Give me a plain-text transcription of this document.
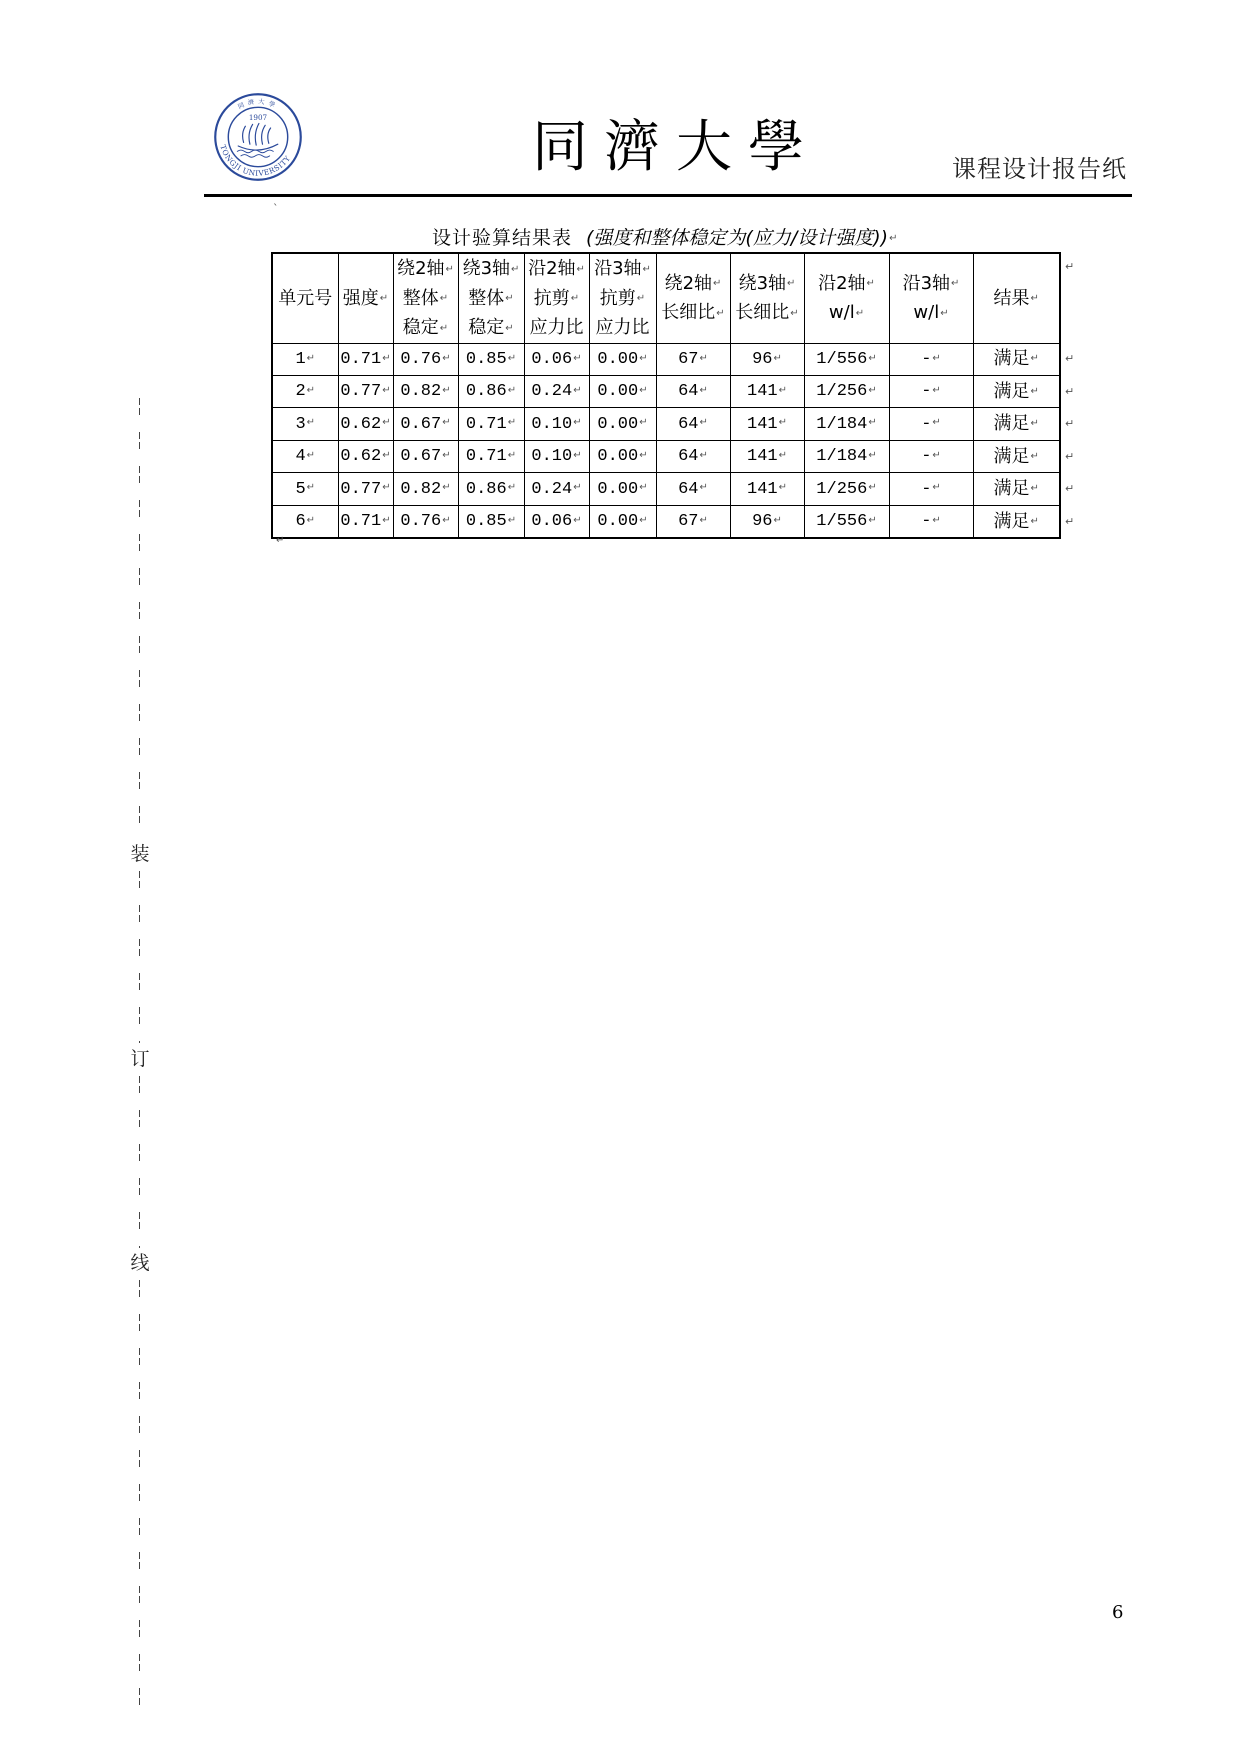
TONGJI UNIVERSITY
同濟大學
1907	同濟大學	课程设计报告纸
ˋ
设计验算结果表 (强度和整体稳定为(应力/设计强度)) ↵
单元号	强度 ↵	绕2轴 ↵
整体 ↵
稳定 ↵	绕3轴 ↵
整体 ↵
稳定 ↵	沿2轴 ↵
抗剪 ↵
应力比	沿3轴 ↵
抗剪 ↵
应力比	绕2轴 ↵
长细比 ↵	绕3轴 ↵
长细比 ↵	沿2轴 ↵
w/l ↵	沿3轴 ↵
w/l ↵	结果 ↵
↵
1 ↵	0.71 ↵	0.76 ↵	0.85 ↵	0.06 ↵	0.00 ↵	67 ↵	96 ↵	1/556 ↵	- ↵	满足 ↵ ↵
2 ↵	0.77 ↵	0.82 ↵	0.86 ↵	0.24 ↵	0.00 ↵	64 ↵	141 ↵	1/256 ↵	- ↵	满足 ↵ ↵
3 ↵	0.62 ↵	0.67 ↵	0.71 ↵	0.10 ↵	0.00 ↵	64 ↵	141 ↵	1/184 ↵	- ↵	满足 ↵ ↵
4 ↵	0.62 ↵	0.67 ↵	0.71 ↵	0.10 ↵	0.00 ↵	64 ↵	141 ↵	1/184 ↵	- ↵	满足 ↵ ↵
5 ↵	0.77 ↵	0.82 ↵	0.86 ↵	0.24 ↵	0.00 ↵	64 ↵	141 ↵	1/256 ↵	- ↵	满足 ↵ ↵
6 ↵	0.71 ↵	0.76 ↵	0.85 ↵	0.06 ↵	0.00 ↵	67 ↵	96 ↵	1/556 ↵	- ↵	满足 ↵ ↵
↵
装
订
线
6
